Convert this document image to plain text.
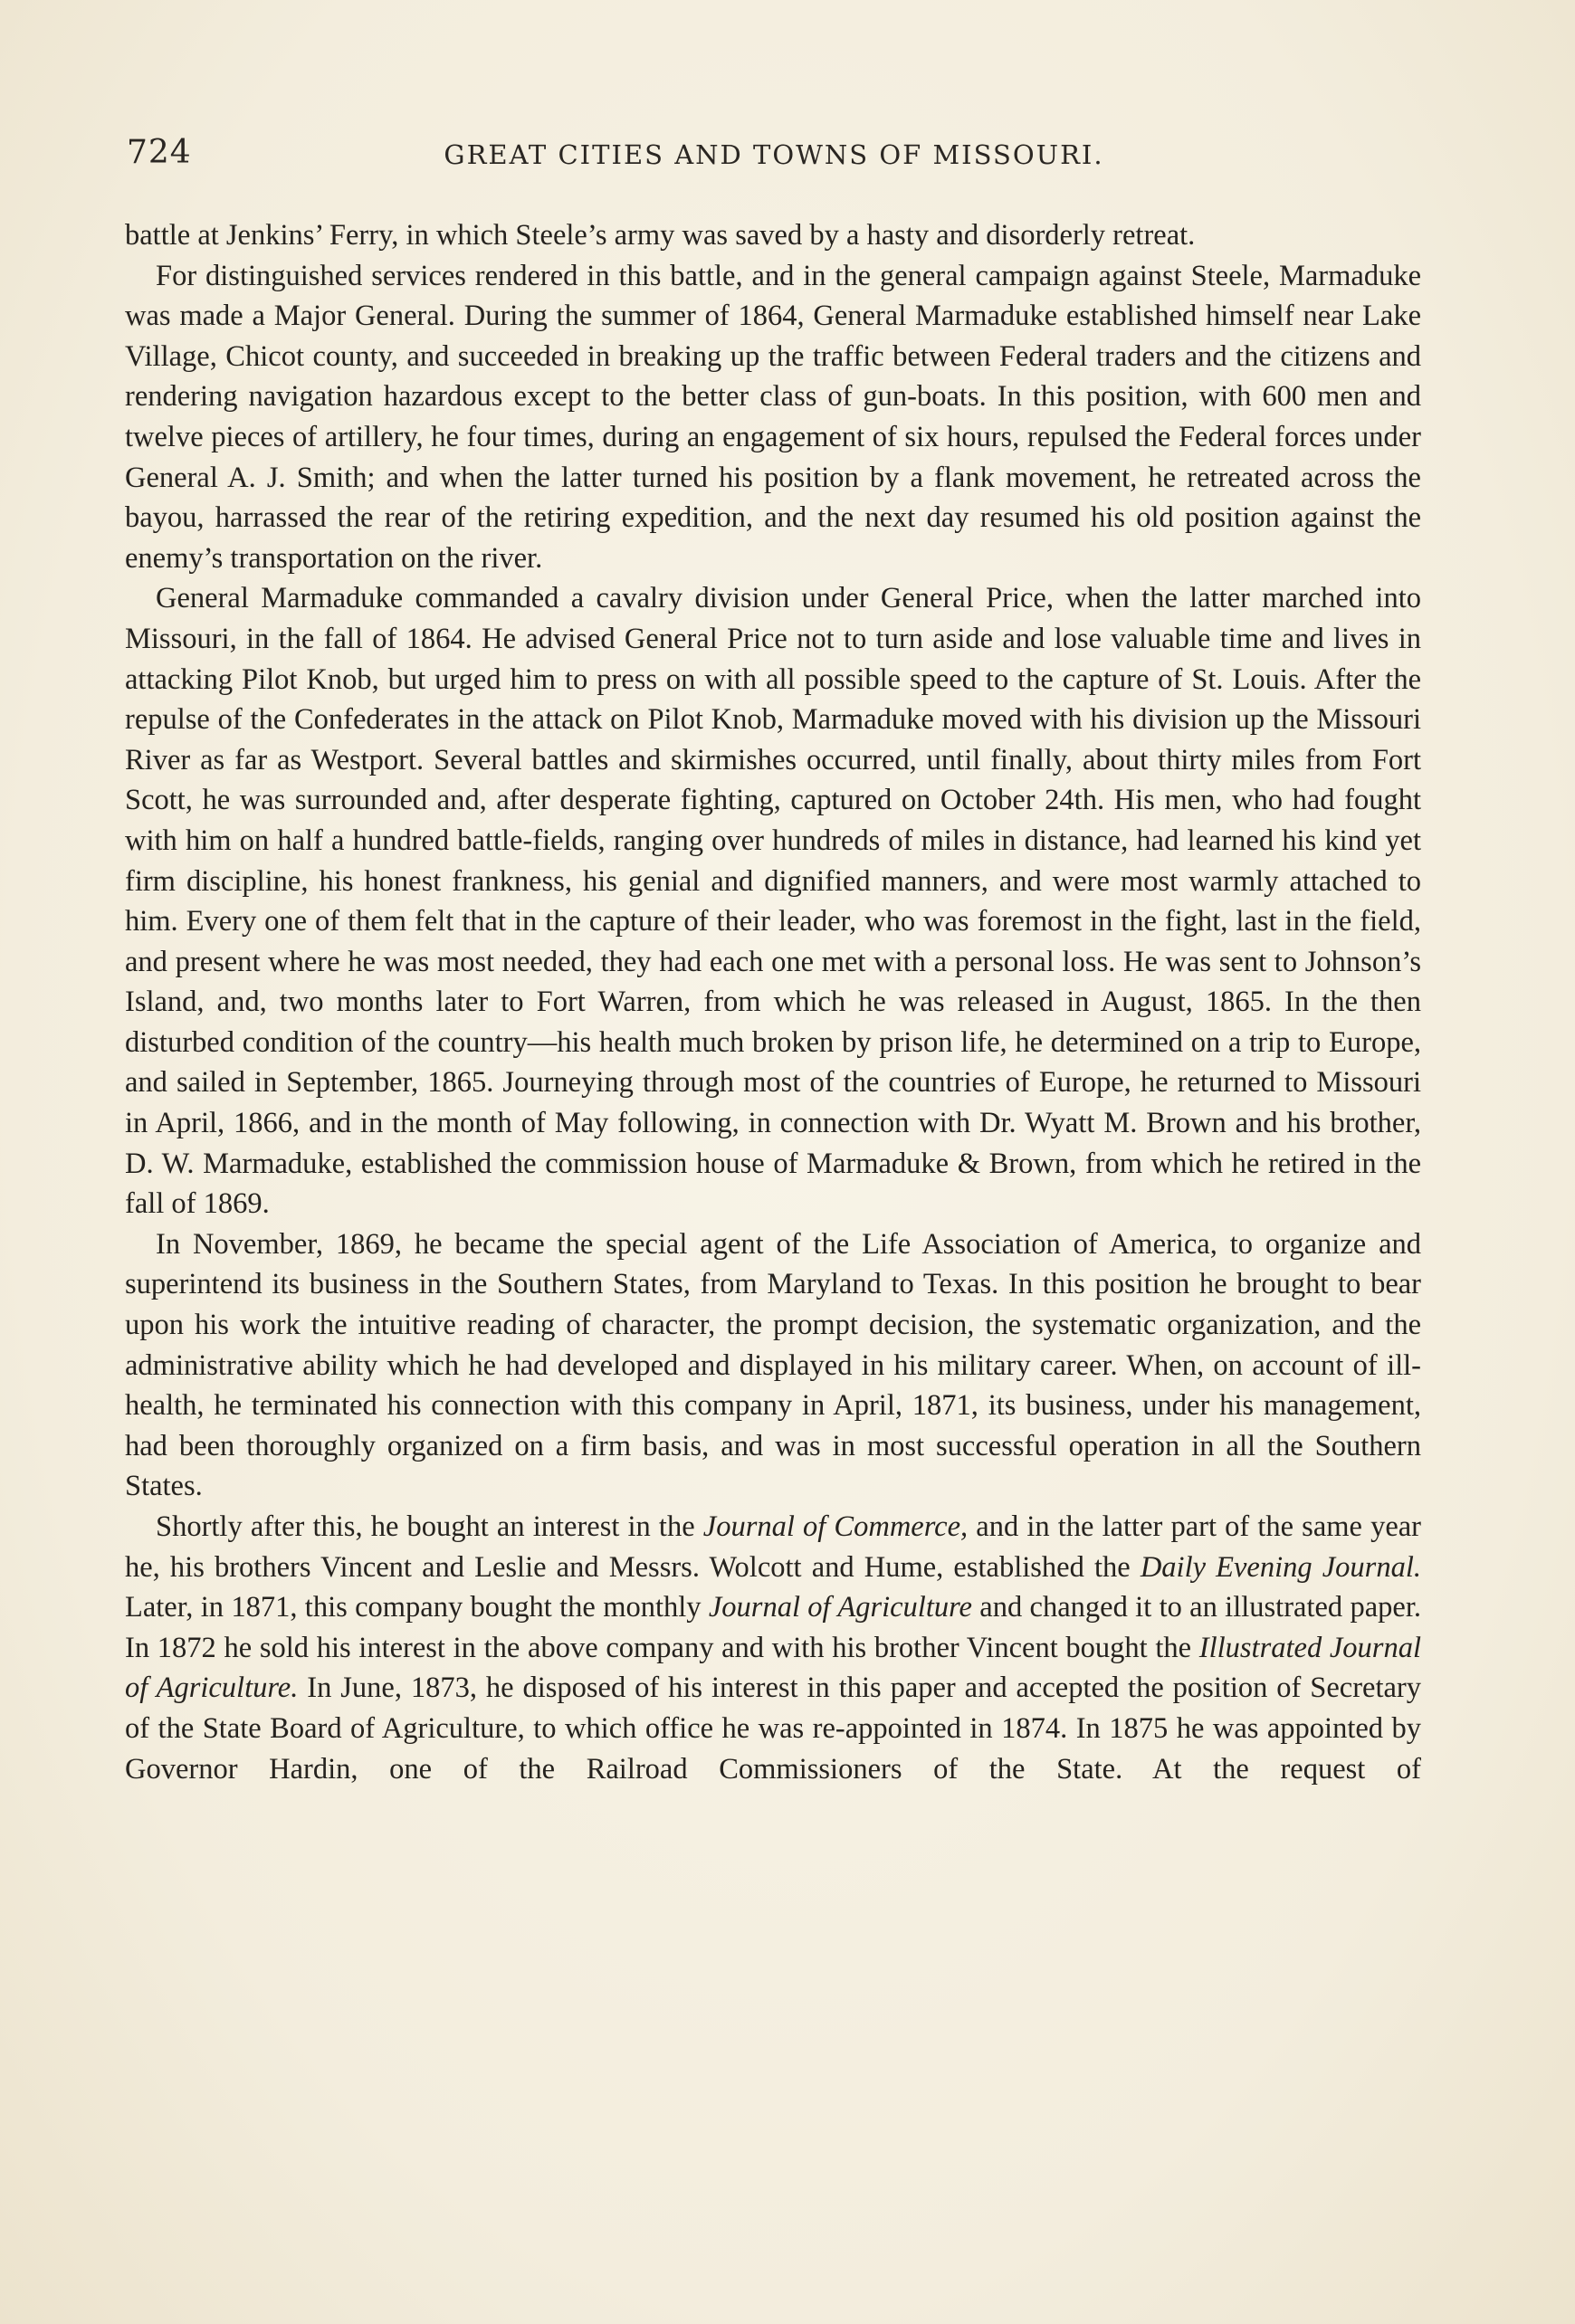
724	GREAT CITIES AND TOWNS OF MISSOURI.

battle at Jenkins’ Ferry, in which Steele’s army was saved by a hasty and disorderly retreat.

For distinguished services rendered in this battle, and in the general campaign against Steele, Marmaduke was made a Major General. During the summer of 1864, General Marmaduke established himself near Lake Village, Chicot county, and succeeded in breaking up the traffic between Federal traders and the citizens and rendering navigation hazardous except to the better class of gun-boats. In this position, with 600 men and twelve pieces of artillery, he four times, during an engagement of six hours, repulsed the Federal forces under General A. J. Smith; and when the latter turned his position by a flank movement, he retreated across the bayou, harrassed the rear of the retiring expedition, and the next day resumed his old position against the enemy’s transportation on the river.

General Marmaduke commanded a cavalry division under General Price, when the latter marched into Missouri, in the fall of 1864. He advised General Price not to turn aside and lose valuable time and lives in attacking Pilot Knob, but urged him to press on with all possible speed to the capture of St. Louis. After the repulse of the Confederates in the attack on Pilot Knob, Marmaduke moved with his division up the Missouri River as far as Westport. Several battles and skirmishes occurred, until finally, about thirty miles from Fort Scott, he was surrounded and, after desperate fighting, captured on October 24th. His men, who had fought with him on half a hundred battle-fields, ranging over hundreds of miles in distance, had learned his kind yet firm discipline, his honest frankness, his genial and dignified manners, and were most warmly attached to him. Every one of them felt that in the capture of their leader, who was foremost in the fight, last in the field, and present where he was most needed, they had each one met with a personal loss. He was sent to Johnson’s Island, and, two months later to Fort Warren, from which he was released in August, 1865. In the then disturbed condition of the country—his health much broken by prison life, he determined on a trip to Europe, and sailed in September, 1865. Journeying through most of the countries of Europe, he returned to Missouri in April, 1866, and in the month of May following, in connection with Dr. Wyatt M. Brown and his brother, D. W. Marmaduke, established the commission house of Marmaduke & Brown, from which he retired in the fall of 1869.

In November, 1869, he became the special agent of the Life Association of America, to organize and superintend its business in the Southern States, from Maryland to Texas. In this position he brought to bear upon his work the intuitive reading of character, the prompt decision, the systematic organization, and the administrative ability which he had developed and displayed in his military career. When, on account of ill-health, he terminated his connection with this company in April, 1871, its business, under his management, had been thoroughly organized on a firm basis, and was in most successful operation in all the Southern States.

Shortly after this, he bought an interest in the Journal of Commerce, and in the latter part of the same year he, his brothers Vincent and Leslie and Messrs. Wolcott and Hume, established the Daily Evening Journal. Later, in 1871, this company bought the monthly Journal of Agriculture and changed it to an illustrated paper. In 1872 he sold his interest in the above company and with his brother Vincent bought the Illustrated Journal of Agriculture. In June, 1873, he disposed of his interest in this paper and accepted the position of Secretary of the State Board of Agriculture, to which office he was re-appointed in 1874. In 1875 he was appointed by Governor Hardin, one of the Railroad Commissioners of the State. At the request of
